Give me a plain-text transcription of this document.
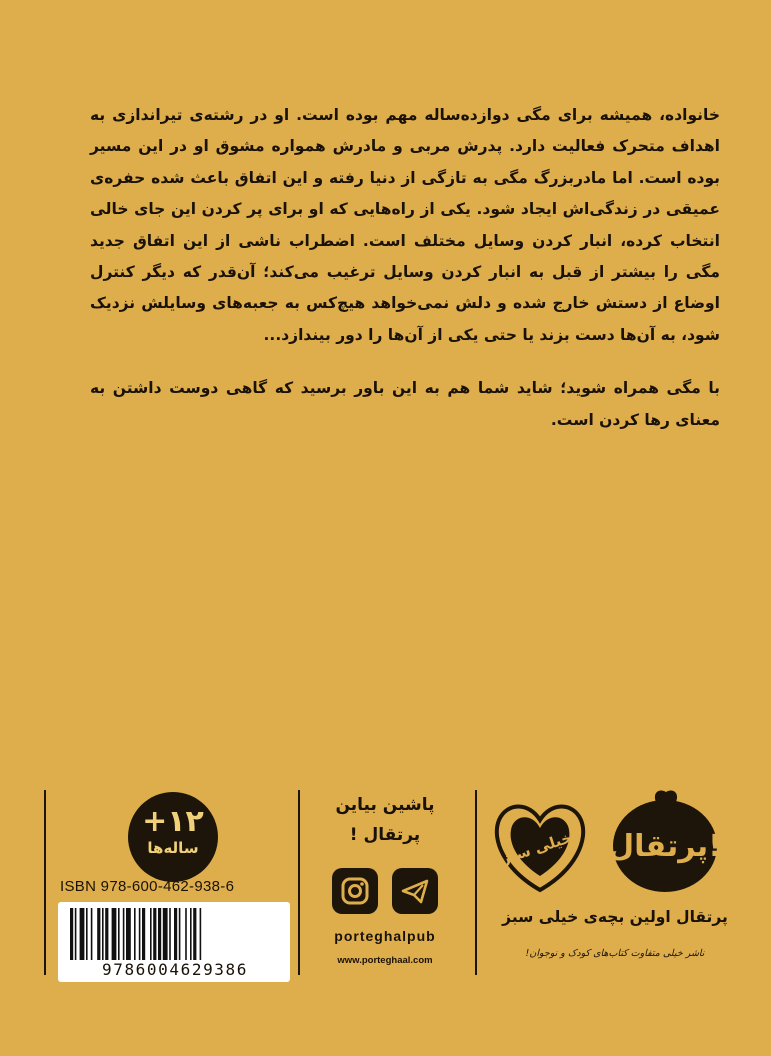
خانواده، همیشه برای مگی دوازده‌ساله مهم بوده است. او در رشته‌ی تیراندازی به اهداف متحرک فعالیت دارد. پدرش مربی و مادرش همواره مشوق او در این مسیر بوده است. اما مادربزرگ مگی به تازگی از دنیا رفته و این اتفاق باعث شده حفره‌ی عمیقی در زندگی‌اش ایجاد شود. یکی از راه‌هایی که او برای پر کردن این جای خالی انتخاب کرده، انبار کردن وسایل مختلف است. اضطراب ناشی از این اتفاق جدید مگی را بیشتر از قبل به انبار کردن وسایل ترغیب می‌کند؛ آن‌قدر که دیگر کنترل اوضاع از دستش خارج شده و دلش نمی‌خواهد هیچ‌کس به جعبه‌های وسایلش نزدیک شود، به آن‌ها دست بزند یا حتی یکی از آن‌ها را دور بیندازد...

با مگی همراه شوید؛ شاید شما هم به این باور برسید که گاهی دوست داشتن به معنای رها کردن است.

+۱۲
ساله‌ها
ISBN 978-600-462-938-6
9786004629386
پاشین بیاین
پرتقال !
porteghalpub
www.porteghaal.com
پرتقال!
خیلی سبز!
پرتقال اولین بچه‌ی خیلی سبز
ناشر خیلی متفاوت کتاب‌های کودک و نوجوان!
